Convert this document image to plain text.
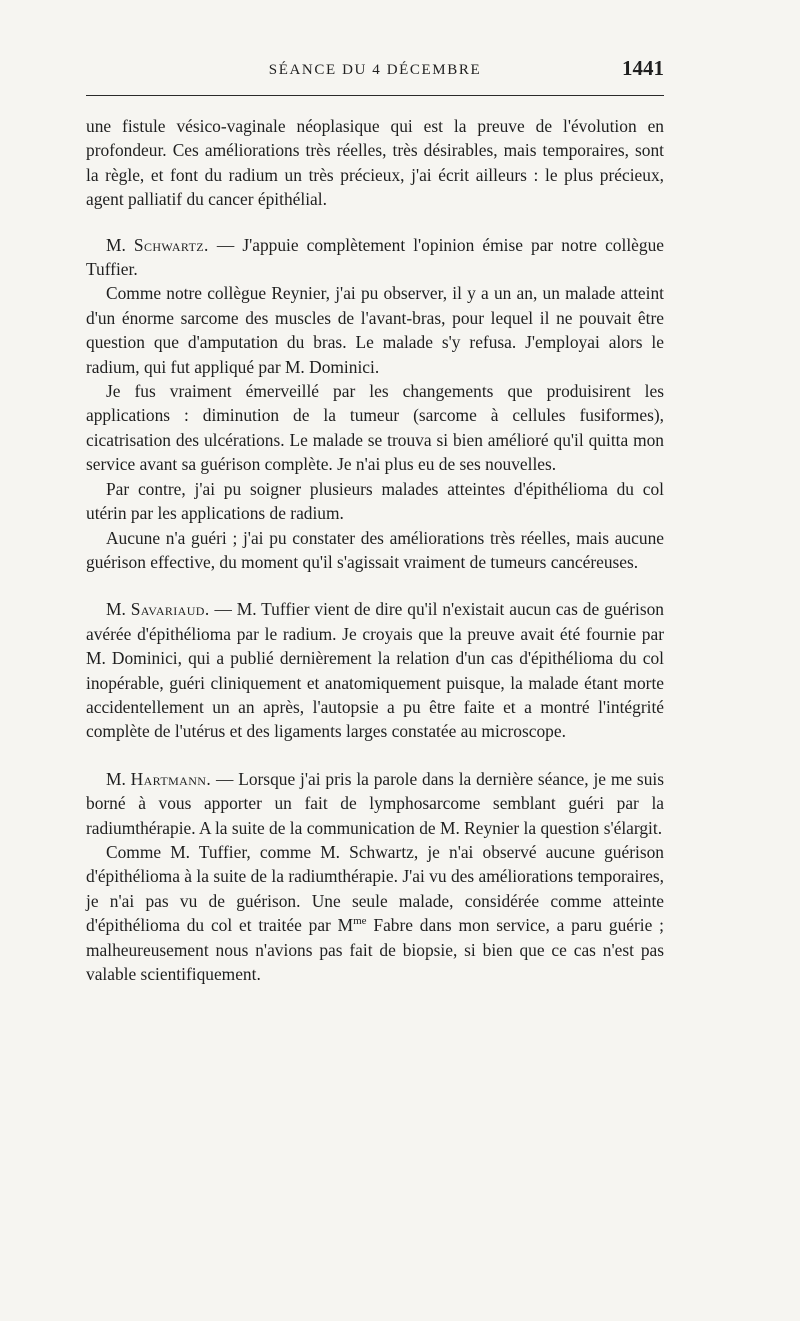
SÉANCE DU 4 DÉCEMBRE	1441

une fistule vésico-vaginale néoplasique qui est la preuve de l'évolution en profondeur. Ces améliorations très réelles, très désirables, mais temporaires, sont la règle, et font du radium un très précieux, j'ai écrit ailleurs : le plus précieux, agent palliatif du cancer épithélial.

M. Schwartz. — J'appuie complètement l'opinion émise par notre collègue Tuffier.

Comme notre collègue Reynier, j'ai pu observer, il y a un an, un malade atteint d'un énorme sarcome des muscles de l'avant-bras, pour lequel il ne pouvait être question que d'amputation du bras. Le malade s'y refusa. J'employai alors le radium, qui fut appliqué par M. Dominici.

Je fus vraiment émerveillé par les changements que produisirent les applications : diminution de la tumeur (sarcome à cellules fusiformes), cicatrisation des ulcérations. Le malade se trouva si bien amélioré qu'il quitta mon service avant sa guérison complète. Je n'ai plus eu de ses nouvelles.

Par contre, j'ai pu soigner plusieurs malades atteintes d'épithélioma du col utérin par les applications de radium.

Aucune n'a guéri ; j'ai pu constater des améliorations très réelles, mais aucune guérison effective, du moment qu'il s'agissait vraiment de tumeurs cancéreuses.

M. Savariaud. — M. Tuffier vient de dire qu'il n'existait aucun cas de guérison avérée d'épithélioma par le radium. Je croyais que la preuve avait été fournie par M. Dominici, qui a publié dernièrement la relation d'un cas d'épithélioma du col inopérable, guéri cliniquement et anatomiquement puisque, la malade étant morte accidentellement un an après, l'autopsie a pu être faite et a montré l'intégrité complète de l'utérus et des ligaments larges constatée au microscope.

M. Hartmann. — Lorsque j'ai pris la parole dans la dernière séance, je me suis borné à vous apporter un fait de lymphosarcome semblant guéri par la radiumthérapie. A la suite de la communication de M. Reynier la question s'élargit.

Comme M. Tuffier, comme M. Schwartz, je n'ai observé aucune guérison d'épithélioma à la suite de la radiumthérapie. J'ai vu des améliorations temporaires, je n'ai pas vu de guérison. Une seule malade, considérée comme atteinte d'épithélioma du col et traitée par $M^{me}$ Fabre dans mon service, a paru guérie ; malheureusement nous n'avions pas fait de biopsie, si bien que ce cas n'est pas valable scientifiquement.
